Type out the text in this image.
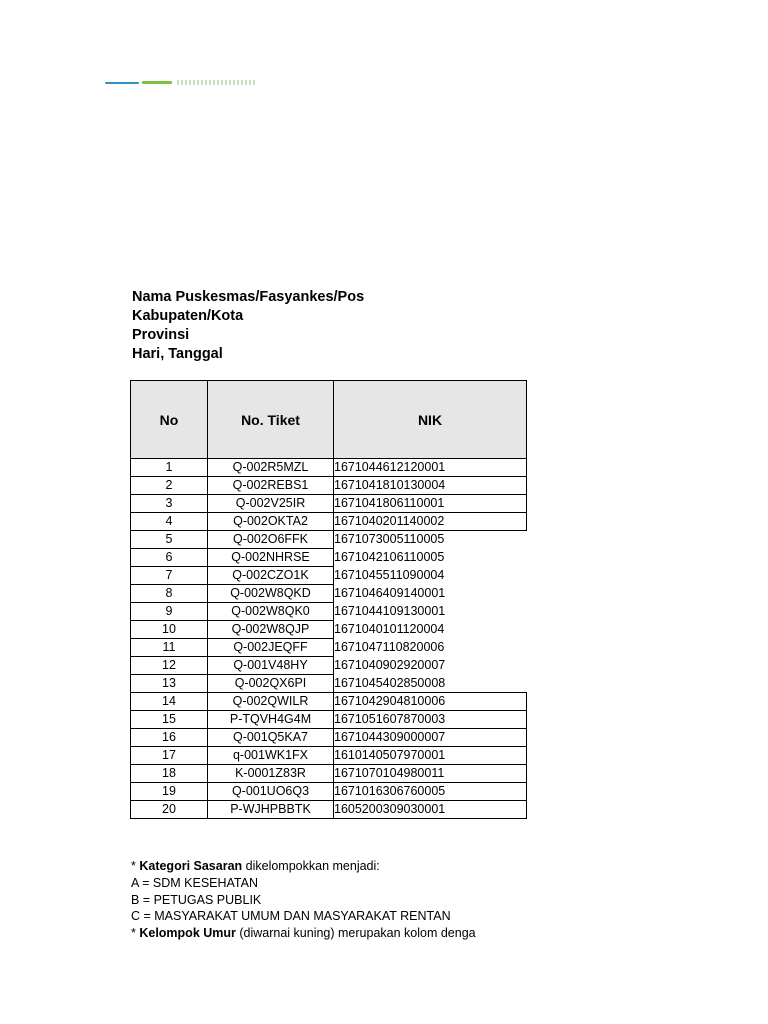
Nama Puskesmas/Fasyankes/Pos
Kabupaten/Kota
Provinsi
Hari, Tanggal
No	No. Tiket	NIK
1	Q-002R5MZL	1671044612120001
2	Q-002REBS1	1671041810130004
3	Q-002V25IR	1671041806110001
4	Q-002OKTA2	1671040201140002
5	Q-002O6FFK	1671073005110005
6	Q-002NHRSE	1671042106110005
7	Q-002CZO1K	1671045511090004
8	Q-002W8QKD	1671046409140001
9	Q-002W8QK0	1671044109130001
10	Q-002W8QJP	1671040101120004
11	Q-002JEQFF	1671047110820006
12	Q-001V48HY	1671040902920007
13	Q-002QX6PI	1671045402850008
14	Q-002QWILR	1671042904810006
15	P-TQVH4G4M	1671051607870003
16	Q-001Q5KA7	1671044309000007
17	q-001WK1FX	1610140507970001
18	K-0001Z83R	1671070104980011
19	Q-001UO6Q3	1671016306760005
20	P-WJHPBBTK	1605200309030001
* Kategori Sasaran dikelompokkan menjadi:
A = SDM KESEHATAN
B = PETUGAS PUBLIK
C = MASYARAKAT UMUM DAN MASYARAKAT RENTAN
* Kelompok Umur (diwarnai kuning) merupakan kolom denga
